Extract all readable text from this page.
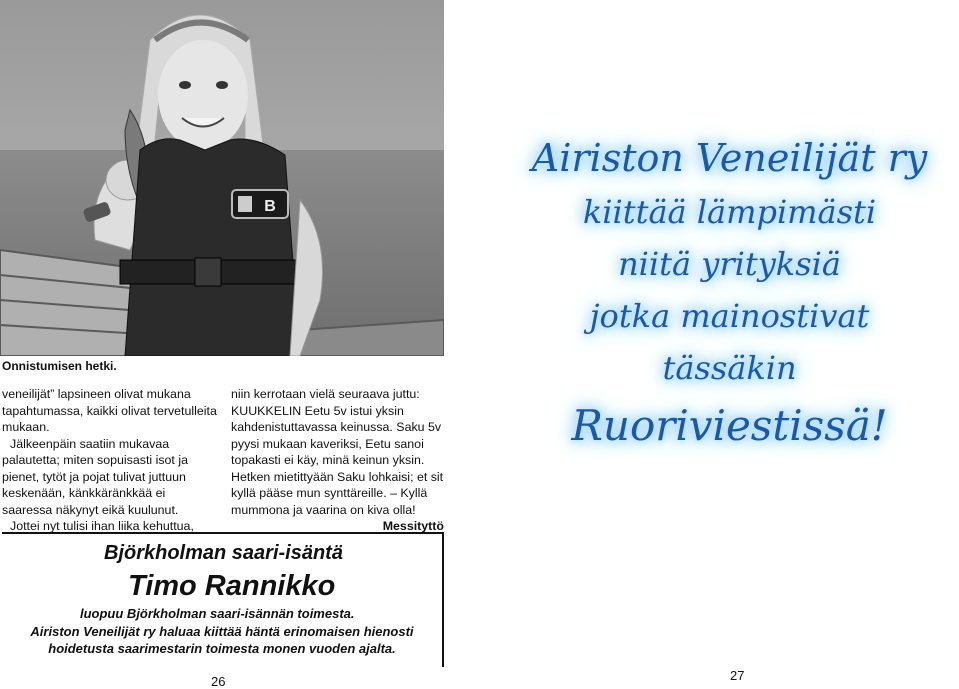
B
Onnistumisen hetki.

veneilijät” lapsineen olivat mukana tapahtumassa, kaikki olivat tervetulleita mukaan.

Jälkeenpäin saatiin mukavaa palautetta; miten sopuisasti isot ja pienet, tytöt ja pojat tulivat juttuun keskenään, känkkäränkkää ei saaressa näkynyt eikä kuulunut.

Jottei nyt tulisi ihan liika kehuttua,

niin kerrotaan vielä seuraava juttu: KUUKKELIN Eetu 5v istui yksin kahdenistuttavassa keinussa. Saku 5v pyysi mukaan kaveriksi, Eetu sanoi topakasti ei käy, minä keinun yksin. Hetken mietittyään Saku lohkaisi; et sit kyllä pääse mun synttäreille. – Kyllä mummona ja vaarina on kiva olla!

Messityttö

Björkholman saari-isäntä
Timo Rannikko
luopuu Björkholman saari-isännän toimesta.
Airiston Veneilijät ry haluaa kiittää häntä erinomaisen hienosti
hoidetusta saarimestarin toimesta monen vuoden ajalta.
26	27
Airiston Veneilijät ry
kiittää lämpimästi
niitä yrityksiä
jotka mainostivat
tässäkin
Ruoriviestissä!
